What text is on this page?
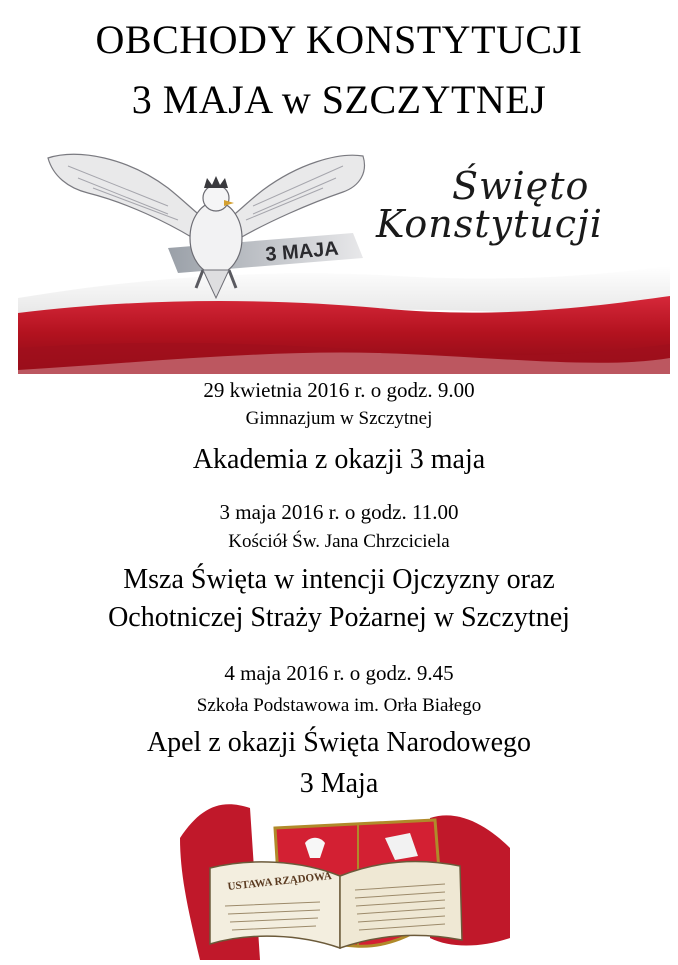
OBCHODY KONSTYTUCJI
3 MAJA w SZCZYTNEJ
3 MAJA
Święto
Konstytucji
29 kwietnia 2016 r. o godz. 9.00
Gimnazjum w Szczytnej
Akademia z okazji 3 maja
3 maja 2016 r. o godz. 11.00
Kościół Św. Jana Chrzciciela
Msza Święta w intencji Ojczyzny oraz
Ochotniczej Straży Pożarnej w Szczytnej
4 maja 2016 r. o godz. 9.45
Szkoła Podstawowa im. Orła Białego
Apel z okazji Święta Narodowego
3 Maja
USTAWA RZĄDOWA
